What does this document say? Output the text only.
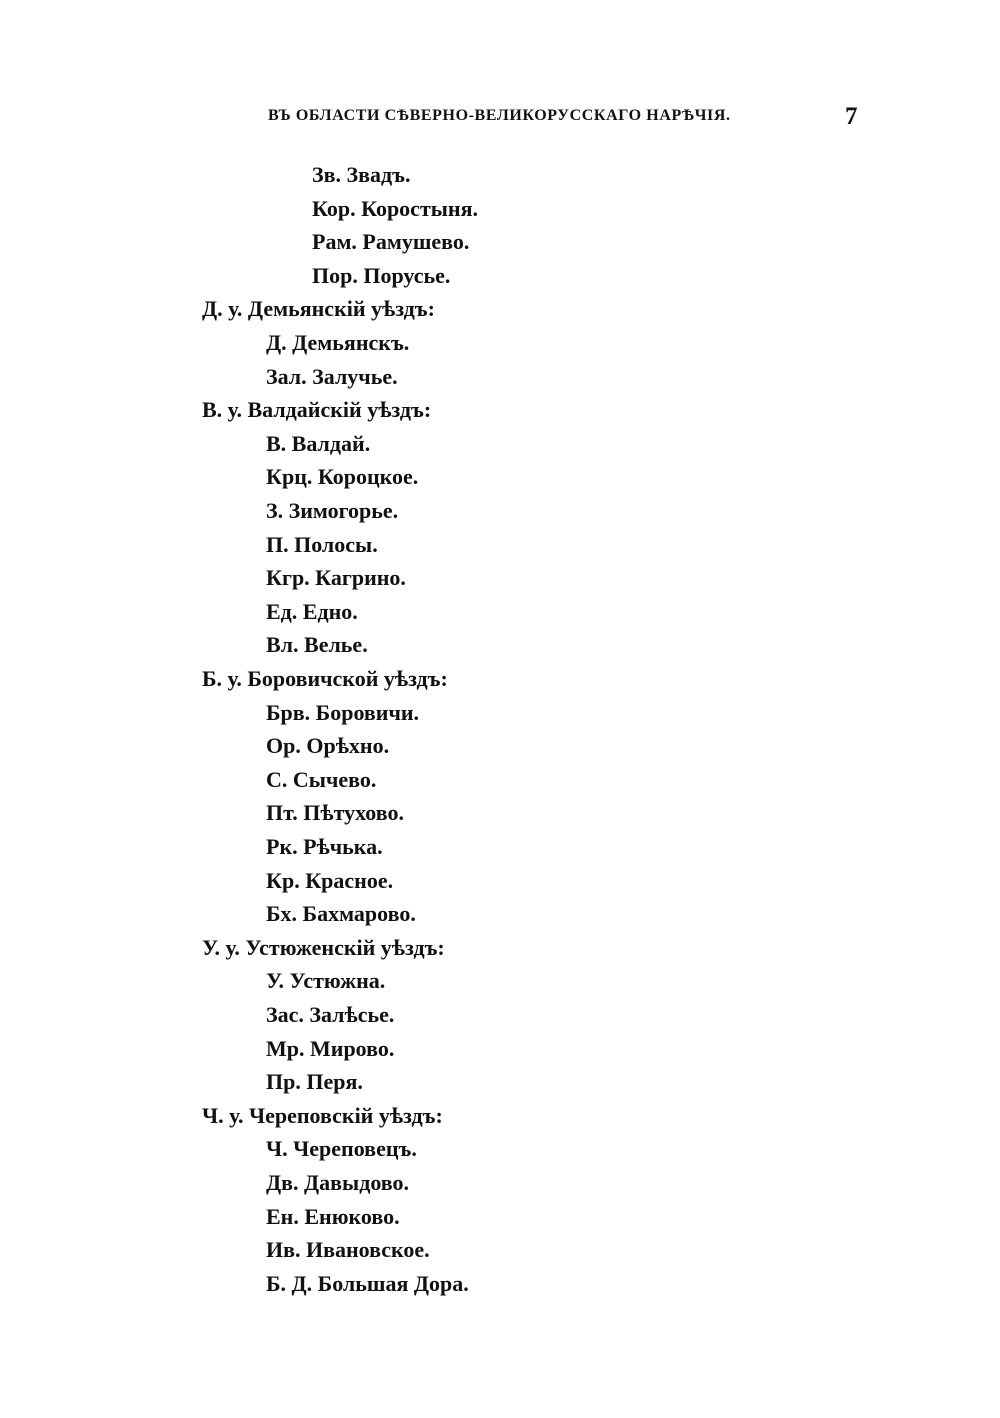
ВЪ ОБЛАСТИ СѢВЕРНО-ВЕЛИКОРУССКАГО НАРѢЧІЯ.	7
Зв. Звадъ.
Кор. Коростыня.
Рам. Рамушево.
Пор. Порусье.
Д. у. Демьянскій уѣздъ:
Д. Демьянскъ.
Зал. Залучье.
В. у. Валдайскій уѣздъ:
В. Валдай.
Крц. Короцкое.
З. Зимогорье.
П. Полосы.
Кгр. Кагрино.
Ед. Едно.
Вл. Велье.
Б. у. Боровичской уѣздъ:
Брв. Боровичи.
Ор. Орѣхно.
С. Сычево.
Пт. Пѣтухово.
Рк. Рѣчька.
Кр. Красное.
Бх. Бахмарово.
У. у. Устюженскій уѣздъ:
У. Устюжна.
Зас. Залѣсье.
Мр. Мирово.
Пр. Перя.
Ч. у. Череповскій уѣздъ:
Ч. Череповецъ.
Дв. Давыдово.
Ен. Енюково.
Ив. Ивановское.
Б. Д. Большая Дора.
